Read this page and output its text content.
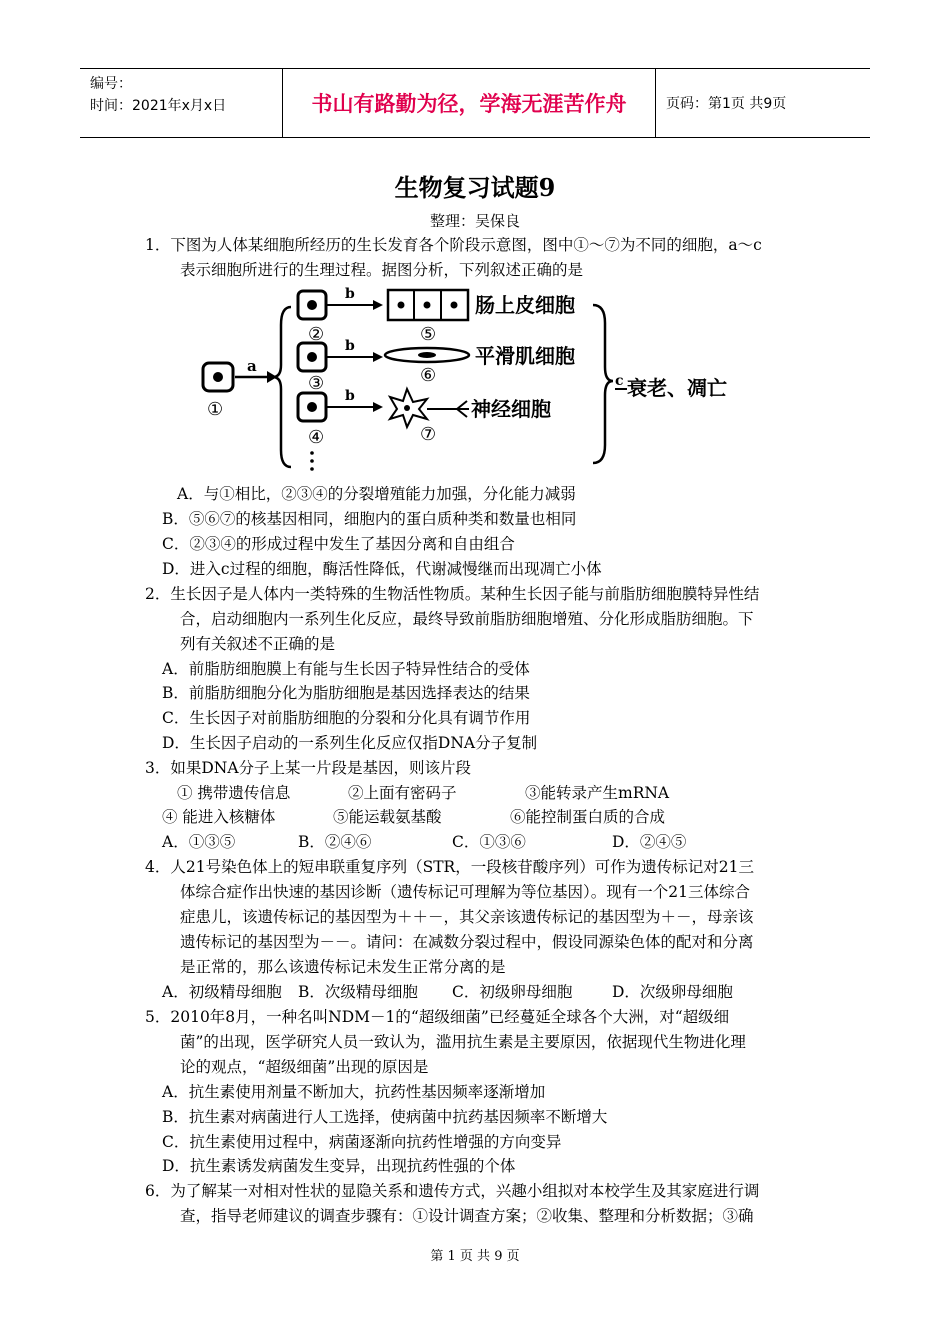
编号：
时间：2021年x月x日	书山有路勤为径，学海无涯苦作舟	页码：第1页 共9页
生物复习试题9
整理：吴保良
1．下图为人体某细胞所经历的生长发育各个阶段示意图，图中①～⑦为不同的细胞，a～c
表示细胞所进行的生理过程。据图分析，下列叙述正确的是
①
a
b	肠上皮细胞
②	⑤
b	平滑肌细胞
③	⑥
b
神经细胞
④	⑦
c 衰老、凋亡
A．与①相比，②③④的分裂增殖能力加强，分化能力减弱
B．⑤⑥⑦的核基因相同，细胞内的蛋白质种类和数量也相同
C．②③④的形成过程中发生了基因分离和自由组合
D．进入c过程的细胞，酶活性降低，代谢减慢继而出现凋亡小体
2．生长因子是人体内一类特殊的生物活性物质。某种生长因子能与前脂肪细胞膜特异性结
合，启动细胞内一系列生化反应，最终导致前脂肪细胞增殖、分化形成脂肪细胞。下
列有关叙述不正确的是
A．前脂肪细胞膜上有能与生长因子特异性结合的受体
B．前脂肪细胞分化为脂肪细胞是基因选择表达的结果
C．生长因子对前脂肪细胞的分裂和分化具有调节作用
D．生长因子启动的一系列生化反应仅指DNA分子复制
3．如果DNA分子上某一片段是基因，则该片段
① 携带遗传信息	②上面有密码子	③能转录产生mRNA
④ 能进入核糖体	⑤能运载氨基酸	⑥能控制蛋白质的合成
A．①③⑤	B．②④⑥	C．①③⑥	D．②④⑤
4．人21号染色体上的短串联重复序列（STR，一段核苷酸序列）可作为遗传标记对21三
体综合症作出快速的基因诊断（遗传标记可理解为等位基因）。现有一个21三体综合
症患儿，该遗传标记的基因型为＋＋－，其父亲该遗传标记的基因型为＋－，母亲该
遗传标记的基因型为－－。请问：在减数分裂过程中，假设同源染色体的配对和分离
是正常的，那么该遗传标记未发生正常分离的是
A．初级精母细胞 B．次级精母细胞 C．初级卵母细胞	D．次级卵母细胞
5．2010年8月，一种名叫NDM－1的“超级细菌”已经蔓延全球各个大洲，对“超级细
菌”的出现，医学研究人员一致认为，滥用抗生素是主要原因，依据现代生物进化理
论的观点，“超级细菌”出现的原因是
A．抗生素使用剂量不断加大，抗药性基因频率逐渐增加
B．抗生素对病菌进行人工选择，使病菌中抗药基因频率不断增大
C．抗生素使用过程中，病菌逐渐向抗药性增强的方向变异
D．抗生素诱发病菌发生变异，出现抗药性强的个体
6．为了解某一对相对性状的显隐关系和遗传方式，兴趣小组拟对本校学生及其家庭进行调
查，指导老师建议的调查步骤有：①设计调查方案；②收集、整理和分析数据；③确
第 1 页 共 9 页
